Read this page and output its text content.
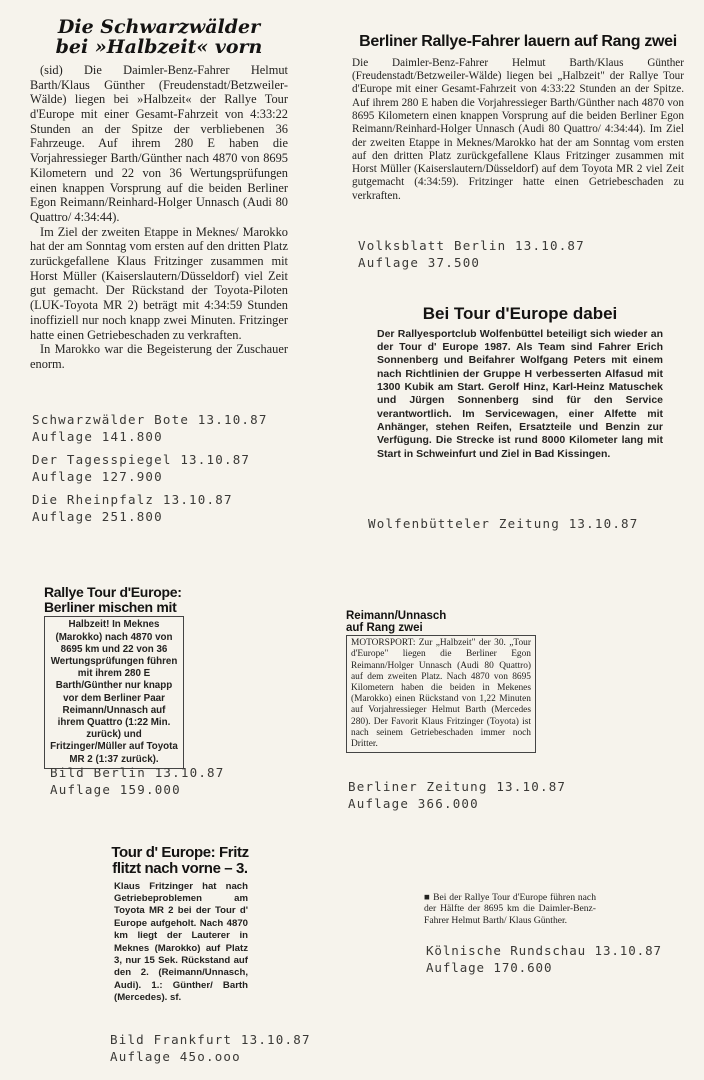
Die Schwarzwälder
bei »Halbzeit« vorn

(sid) Die Daimler-Benz-Fahrer Helmut Barth/Klaus Günther (Freudenstadt/Betzweiler-Wälde) liegen bei »Halbzeit« der Rallye Tour d'Europe mit einer Gesamt-Fahrzeit von 4:33:22 Stunden an der Spitze der verbliebenen 36 Fahrzeuge. Auf ihrem 280 E haben die Vorjahressieger Barth/Günther nach 4870 von 8695 Kilometern und 22 von 36 Wertungsprüfungen einen knappen Vorsprung auf die beiden Berliner Egon Reimann/Reinhard-Holger Unnasch (Audi 80 Quattro/ 4:34:44).

Im Ziel der zweiten Etappe in Meknes/ Marokko hat der am Sonntag vom ersten auf den dritten Platz zurückgefallene Klaus Fritzinger zusammen mit Horst Müller (Kaiserslautern/Düsseldorf) viel Zeit gut gemacht. Der Rückstand der Toyota-Piloten (LUK-Toyota MR 2) beträgt mit 4:34:59 Stunden inoffiziell nur noch knapp zwei Minuten. Fritzinger hatte einen Getriebeschaden zu verkraften.

In Marokko war die Begeisterung der Zuschauer enorm.

Schwarzwälder Bote 13.10.87
Auflage 141.800
Der Tagesspiegel 13.10.87
Auflage 127.900
Die Rheinpfalz 13.10.87
Auflage 251.800
Berliner Rallye-Fahrer lauern auf Rang zwei

Die Daimler-Benz-Fahrer Helmut Barth/Klaus Günther (Freudenstadt/Betzweiler-Wälde) liegen bei „Halbzeit" der Rallye Tour d'Europe mit einer Gesamt-Fahrzeit von 4:33:22 Stunden an der Spitze. Auf ihrem 280 E haben die Vorjahressieger Barth/Günther nach 4870 von 8695 Kilometern einen knappen Vorsprung auf die beiden Berliner Egon Reimann/Reinhard-Holger Unnasch (Audi 80 Quattro/ 4:34:44). Im Ziel der zweiten Etappe in Meknes/Marokko hat der am Sonntag vom ersten auf den dritten Platz zurückgefallene Klaus Fritzinger zusammen mit Horst Müller (Kaiserslautern/Düsseldorf) auf dem Toyota MR 2 viel Zeit gutgemacht (4:34:59). Fritzinger hatte einen Getriebeschaden zu verkraften.

Volksblatt Berlin 13.10.87
Auflage 37.500
Bei Tour d'Europe dabei

Der Rallyesportclub Wolfenbüttel beteiligt sich wieder an der Tour d' Europe 1987. Als Team sind Fahrer Erich Sonnenberg und Beifahrer Wolfgang Peters mit einem nach Richtlinien der Gruppe H verbesserten Alfasud mit 1300 Kubik am Start. Gerolf Hinz, Karl-Heinz Matuschek und Jürgen Sonnenberg sind für den Service verantwortlich. Im Servicewagen, einer Alfette mit Anhänger, stehen Reifen, Ersatzteile und Benzin zur Verfügung. Die Strecke ist rund 8000 Kilometer lang mit Start in Schweinfurt und Ziel in Bad Kissingen.

Wolfenbütteler Zeitung 13.10.87
Rallye Tour d'Europe:
Berliner mischen mit

Halbzeit! In Meknes (Marokko) nach 4870 von 8695 km und 22 von 36 Wertungsprüfungen führen mit ihrem 280 E Barth/Günther nur knapp vor dem Berliner Paar Reimann/Unnasch auf ihrem Quattro (1:22 Min. zurück) und Fritzinger/Müller auf Toyota MR 2 (1:37 zurück).

Bild Berlin 13.10.87
Auflage 159.000
Reimann/Unnasch
auf Rang zwei

MOTORSPORT: Zur „Halbzeit" der 30. „Tour d'Europe" liegen die Berliner Egon Reimann/Holger Unnasch (Audi 80 Quattro) auf dem zweiten Platz. Nach 4870 von 8695 Kilometern haben die beiden in Mekenes (Marokko) einen Rückstand von 1,22 Minuten auf Vorjahressieger Helmut Barth (Mercedes 280). Der Favorit Klaus Fritzinger (Toyota) ist nach seinem Getriebeschaden immer noch Dritter.

Berliner Zeitung 13.10.87
Auflage 366.000
Tour d' Europe: Fritz
flitzt nach vorne – 3.

Klaus Fritzinger hat nach Getriebeproblemen am Toyota MR 2 bei der Tour d' Europe aufgeholt. Nach 4870 km liegt der Lauterer in Meknes (Marokko) auf Platz 3, nur 15 Sek. Rückstand auf den 2. (Reimann/Unnasch, Audi). 1.: Günther/ Barth (Mercedes). sf.

Bild Frankfurt 13.10.87
Auflage 45o.ooo

■ Bei der Rallye Tour d'Europe führen nach der Hälfte der 8695 km die Daimler-Benz-Fahrer Helmut Barth/ Klaus Günther.

Kölnische Rundschau 13.10.87
Auflage 170.600
